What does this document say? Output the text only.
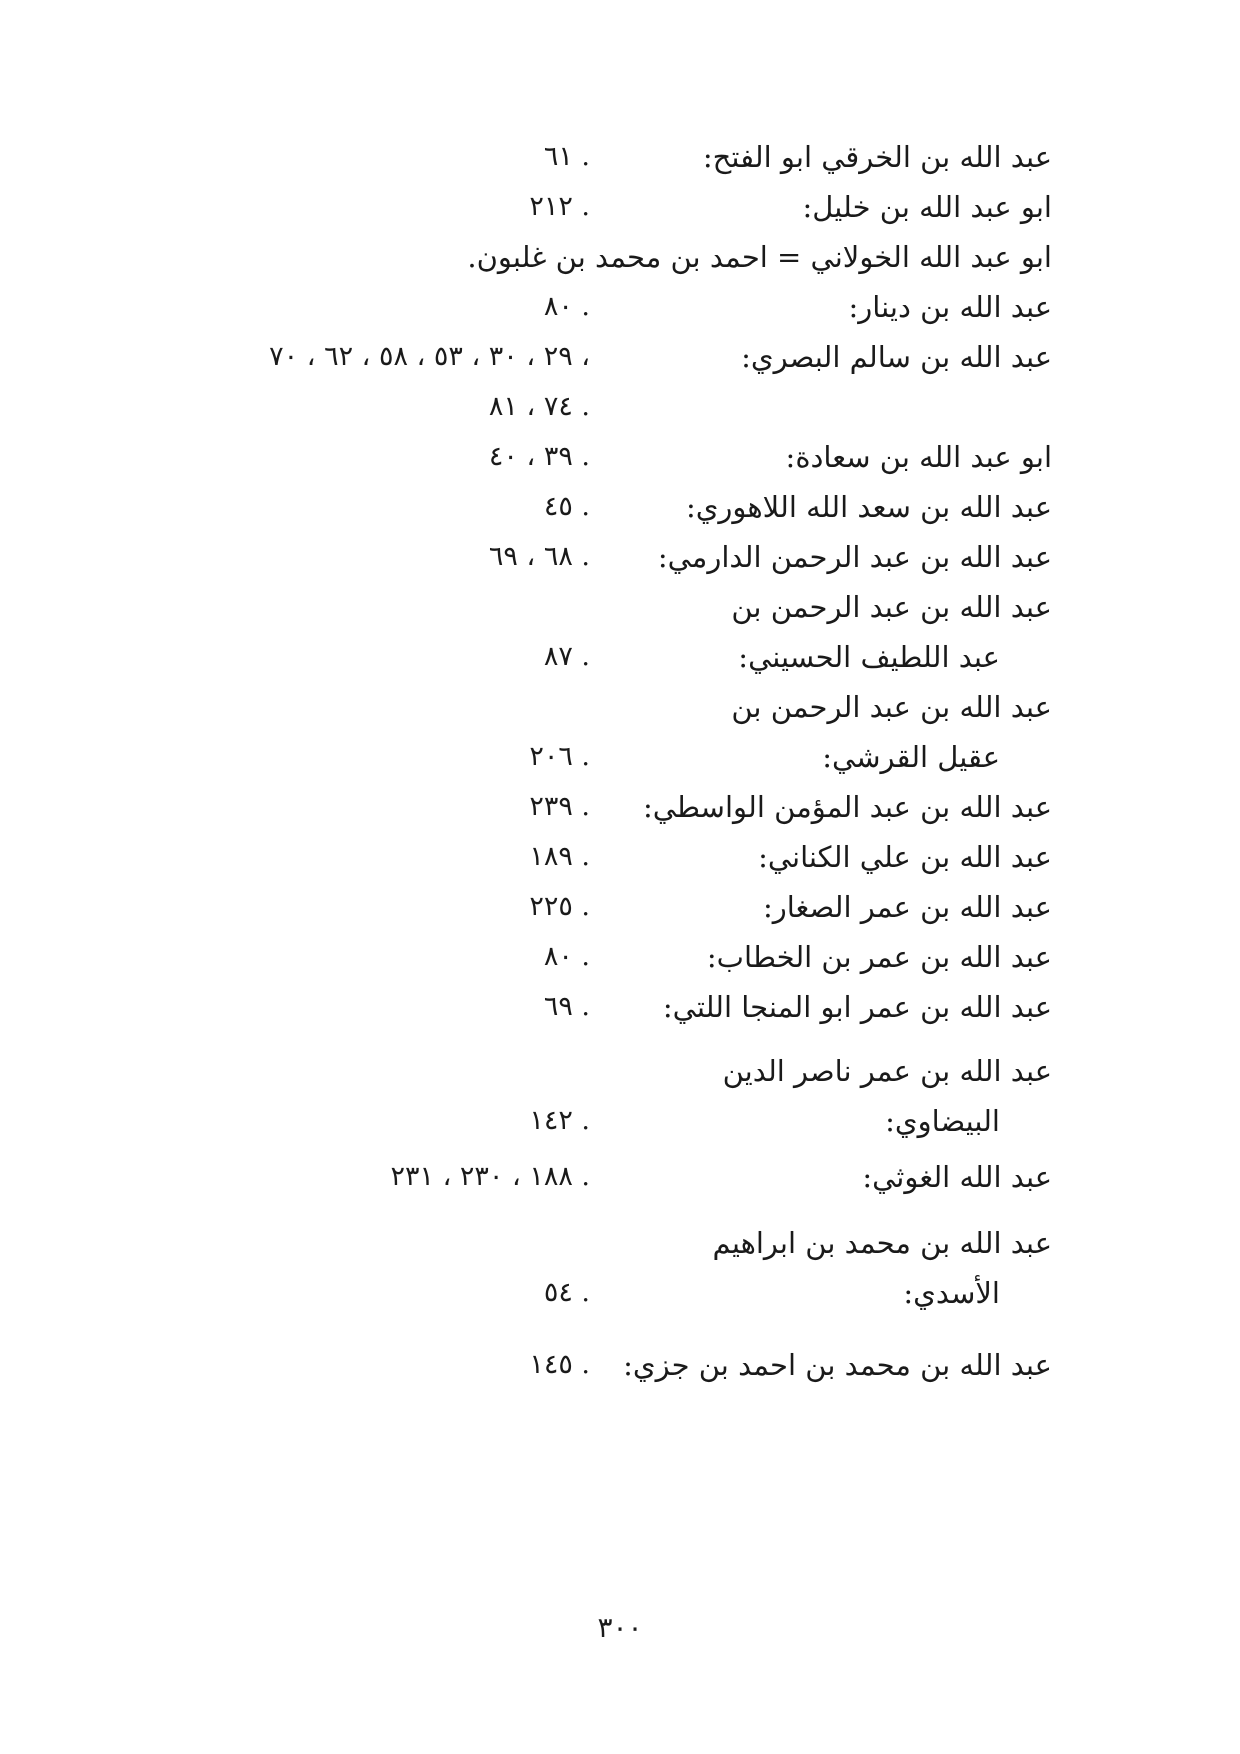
عبد الله بن الخرقي ابو الفتح:
٦١ .
ابو عبد الله بن خليل:
٢١٢ .
ابو عبد الله الخولاني = احمد بن محمد بن غلبون.
عبد الله بن دينار:
٨٠ .
عبد الله بن سالم البصري:
٢٩ ، ٣٠ ، ٥٣ ، ٥٨ ، ٦٢ ، ٧٠ ،
٧٤ ، ٨١ .
ابو عبد الله بن سعادة:
٣٩ ، ٤٠ .
عبد الله بن سعد الله اللاهوري:
٤٥ .
عبد الله بن عبد الرحمن الدارمي:
٦٨ ، ٦٩ .
عبد الله بن عبد الرحمن بن
عبد اللطيف الحسيني:
٨٧ .
عبد الله بن عبد الرحمن بن
عقيل القرشي:
٢٠٦ .
عبد الله بن عبد المؤمن الواسطي:
٢٣٩ .
عبد الله بن علي الكناني:
١٨٩ .
عبد الله بن عمر الصغار:
٢٢٥ .
عبد الله بن عمر بن الخطاب:
٨٠ .
عبد الله بن عمر ابو المنجا اللتي:
٦٩ .
عبد الله بن عمر ناصر الدين
البيضاوي:
١٤٢ .
عبد الله الغوثي:
١٨٨ ، ٢٣٠ ، ٢٣١ .
عبد الله بن محمد بن ابراهيم
الأسدي:
٥٤ .
عبد الله بن محمد بن احمد بن جزي:
١٤٥ .
٣٠٠
